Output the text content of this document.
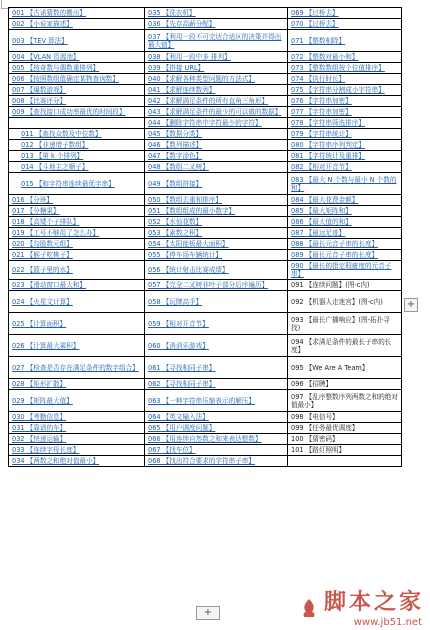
001 【古诺猜数的搬出】	035 【洗衣机】	069 【过桥去】
002 【小说家描述】	036 【先存高薪分配】	070 【过桥去】
003 【TEV 算法】	037 【利用一段不可完达合适区的决策并得出最大值】	071 【整数相除】
004 【VLAN 资源池】	038 【利用一段中多 排列】	072 【整数对最小和】
005 【按奇数与偶数重排列】	039 【拼接 URL】	073 【整数数组按个位值排序】
006 【按照数组值确定某物查询数】	040 【求解各种类型问题的方法式】	074 【执行时长】
007 【爆数游戏】	041 【求解连续数列】	075 【字符串分割成小字符串】
008 【比赛评分】	042 【求解满足条件的所有直角三角形】	076 【字符串加密】
009 【查找接口成功率最优的时间段】	043 【求解满足条件的最少的可以做的数据】	077 【字符串加密】
	044 【删除字符串中字符最少的字符】	078 【字符串筛选排序】
011 【查找众数及中位数】	045 【数据分类】	079 【字符串统计】
012 【非递增子数组】	046 【数列描述】	080 【字符串序列判定】
013 【第 k 个排列】	047 【数字涂色】	081 【字符统计及重排】
014 【斗地主之顺子】	048 【数组二叉树】	082 【相对开音节】
015 【和字符串连续最优字串】	049 【数组拼接】	083 【最大 N 个数与最小 N 个数的和】
016 【分班】	050 【数组去重和排序】	084 【最大花费金额】
017 【分糖果】	051 【数组组成的最小数字】	085 【最大矩阵和】
018 【高矮个子排队】	052 【水仙花数】	086 【最大值的和】
019 【工号不够用了怎么办】	053 【素数之积】	087 【最远足迹】
020 【勾股数元组】	054 【太阳能板最大面积】	088 【最长元音子串的长度】
021 【猴子吃桃子】	055 【停车场车辆统计】	089 【最长元音子串的长度】
022 【篮子里的水】	056 【统计射击比赛成绩】	090 【最长的指定瑕疵度的元音子串】
023 【滑动窗口最大和】	057 【完全二叉树非叶子部分后序遍历】	091 【连续问题】(图-c内)
024 【火星文计算】	058 【玩牌高手】	092 【机器人走迷宫】(图-c内)
025 【计算面积】	059 【相对开音节】	093 【最长广播响应】(图-拓扑寻找)
026 【计算最大乘积】	060 【消消乐游戏】	094 【求满足条件的最长子串的长度】
027 【检查是否存在满足条件的数字组合】	061 【寻找相同子串】	095 【We Are A Team】
028 【矩形扩散】	062 【寻找相同子串】	096 【招聘】
029 【矩阵最大值】	063 【一种字符串压缩表示的解压】	097 【乱序整数序列两数之和的绝对值最小】
030 【考勤信息】	064 【英文输入法】	098 【电信号】
031 【靠谱的车】	065 【用户调度问题】	099 【任务最优调度】
032 【快递运输】	066 【用连续自然数之和来表达整数】	100 【猜密码】
033 【连续字母长度】	067 【找车位】	101 【路灯照明】
034 【两数之和绝对值最小】	068 【找出符合要求的字符串子串】	
+
+	脚本之家
www.jb51.net
